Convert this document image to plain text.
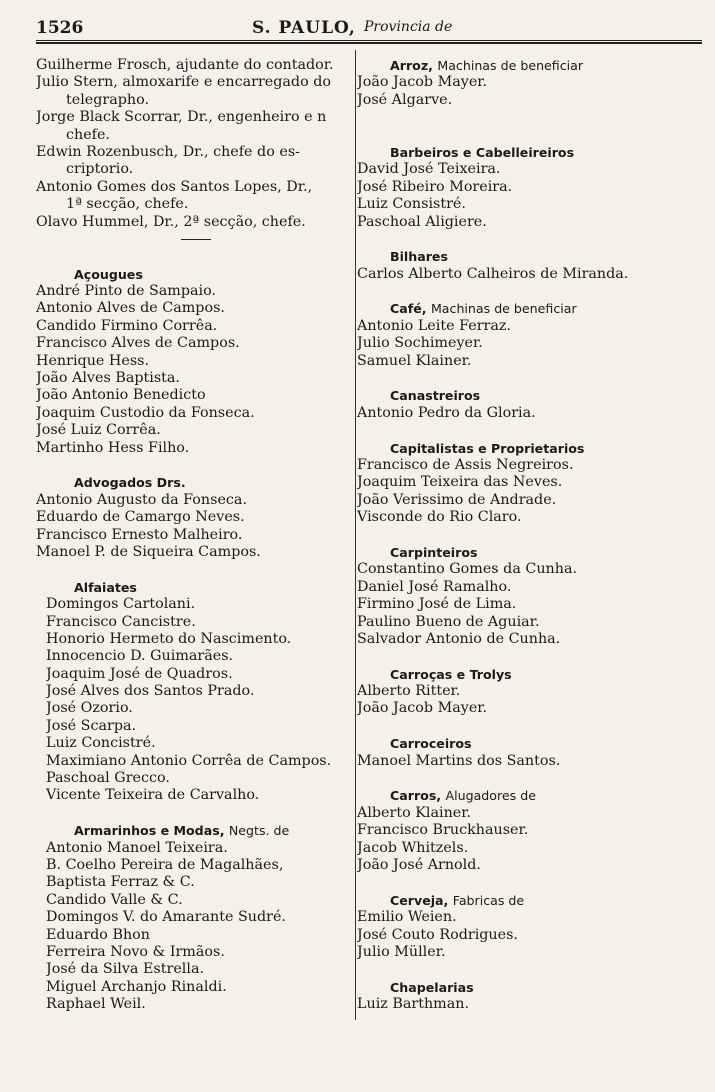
1526	S. PAULO, Provincia de
Guilherme Frosch, ajudante do contador.
Julio Stern, almoxarife e encarregado do
telegrapho.
Jorge Black Scorrar, Dr., engenheiro e n
chefe.
Edwin Rozenbusch, Dr., chefe do es-
criptorio.
Antonio Gomes dos Santos Lopes, Dr.,
1ª secção, chefe.
Olavo Hummel, Dr., 2ª secção, chefe.
Açougues
André Pinto de Sampaio.
Antonio Alves de Campos.
Candido Firmino Corrêa.
Francisco Alves de Campos.
Henrique Hess.
João Alves Baptista.
João Antonio Benedicto
Joaquim Custodio da Fonseca.
José Luiz Corrêa.
Martinho Hess Filho.
Advogados Drs.
Antonio Augusto da Fonseca.
Eduardo de Camargo Neves.
Francisco Ernesto Malheiro.
Manoel P. de Siqueira Campos.
Alfaiates
Domingos Cartolani.
Francisco Cancistre.
Honorio Hermeto do Nascimento.
Innocencio D. Guimarães.
Joaquim José de Quadros.
José Alves dos Santos Prado.
José Ozorio.
José Scarpa.
Luiz Concistré.
Maximiano Antonio Corrêa de Campos.
Paschoal Grecco.
Vicente Teixeira de Carvalho.
Armarinhos e Modas, Negts. de
Antonio Manoel Teixeira.
B. Coelho Pereira de Magalhães,
Baptista Ferraz & C.
Candido Valle & C.
Domingos V. do Amarante Sudré.
Eduardo Bhon
Ferreira Novo & Irmãos.
José da Silva Estrella.
Miguel Archanjo Rinaldi.
Raphael Weil.
Arroz, Machinas de beneficiar
João Jacob Mayer.
José Algarve.
Barbeiros e Cabelleireiros
David José Teixeira.
José Ribeiro Moreira.
Luiz Consistré.
Paschoal Aligiere.
Bilhares
Carlos Alberto Calheiros de Miranda.
Café, Machinas de beneficiar
Antonio Leite Ferraz.
Julio Sochimeyer.
Samuel Klainer.
Canastreiros
Antonio Pedro da Gloria.
Capitalistas e Proprietarios
Francisco de Assis Negreiros.
Joaquim Teixeira das Neves.
João Verissimo de Andrade.
Visconde do Rio Claro.
Carpinteiros
Constantino Gomes da Cunha.
Daniel José Ramalho.
Firmino José de Lima.
Paulino Bueno de Aguiar.
Salvador Antonio de Cunha.
Carroças e Trolys
Alberto Ritter.
João Jacob Mayer.
Carroceiros
Manoel Martins dos Santos.
Carros, Alugadores de
Alberto Klainer.
Francisco Bruckhauser.
Jacob Whitzels.
João José Arnold.
Cerveja, Fabricas de
Emilio Weien.
José Couto Rodrigues.
Julio Müller.
Chapelarias
Luiz Barthman.
